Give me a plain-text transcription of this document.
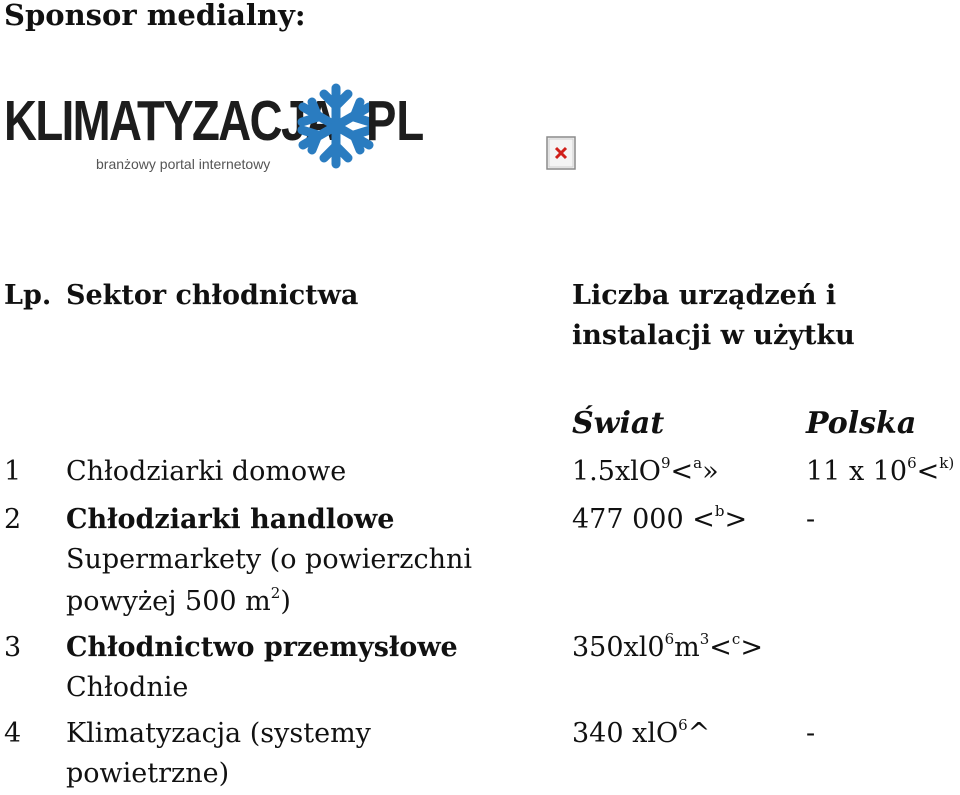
Sponsor medialny:
KLIMATYZACJA PL
branżowy portal internetowy
Lp. Sektor chłodnictwa	Liczba urządzeń i
instalacji w użytku
Świat	Polska
1 Chłodziarki domowe	1.5xlO$^9$<$^a$»	11 x $10^6<^{k)}$
2 Chłodziarki handlowe	477 000 <$^b$> -
Supermarkety (o powierzchni
powyżej 500 $m^2$)
3 Chłodnictwo przemysłowe	$350xl0^6m^3<^c>$
Chłodnie
4 Klimatyzacja (systemy
powietrzne)
340 xlO$^6$^	-
